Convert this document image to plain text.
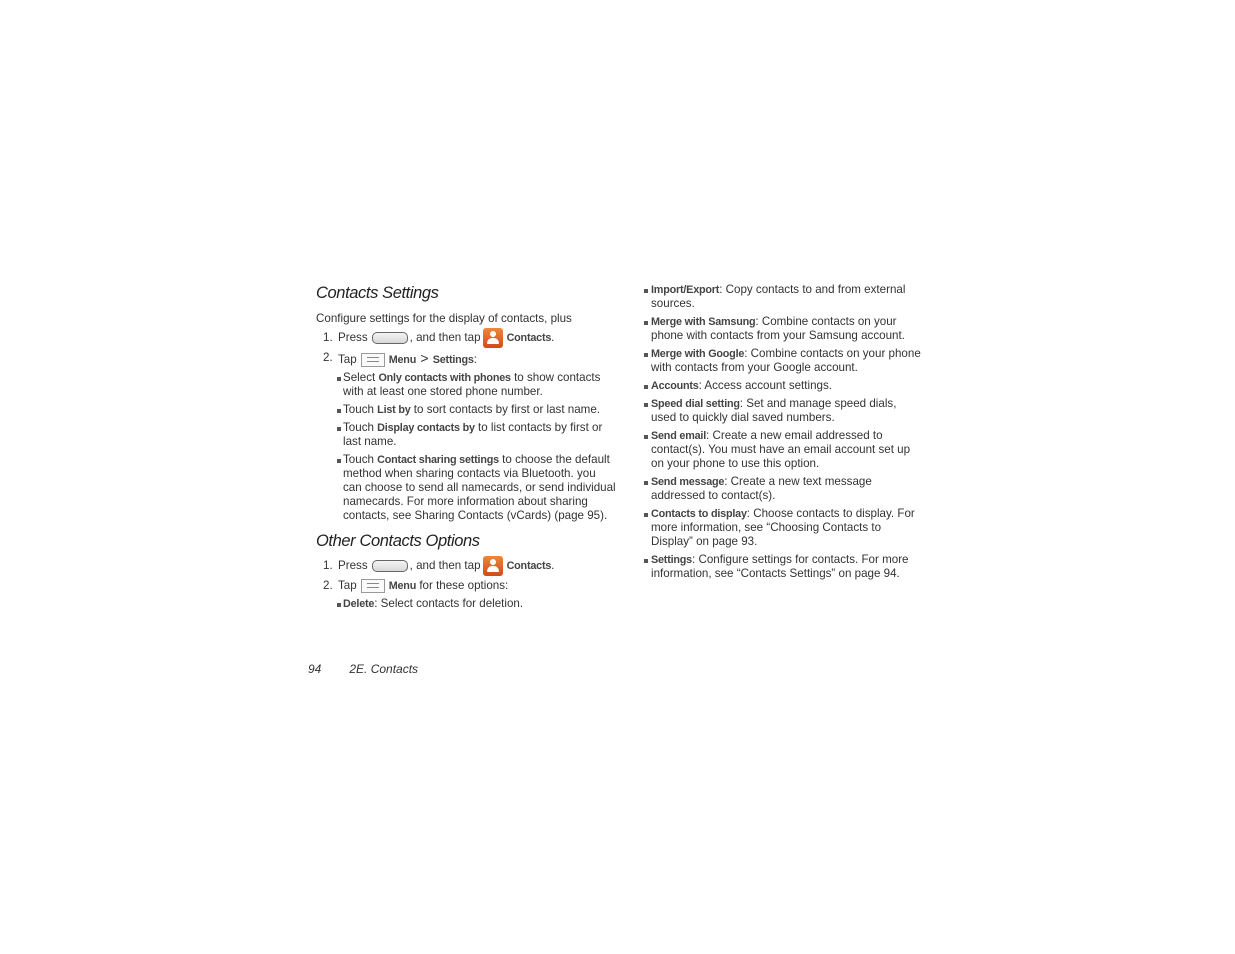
Contacts Settings
Configure settings for the display of contacts, plus
1. Press	, and then tap Contacts.
2. Tap	Menu > Settings:
Select Only contacts with phones to show contacts with at least one stored phone number.
Touch List by to sort contacts by first or last name.
Touch Display contacts by to list contacts by first or last name.
Touch Contact sharing settings to choose the default method when sharing contacts via Bluetooth. you can choose to send all namecards, or send individual namecards. For more information about sharing contacts, see Sharing Contacts (vCards) (page 95).
Other Contacts Options
1. Press	, and then tap Contacts.
2. Tap	Menu for these options:
Delete: Select contacts for deletion.
Import/Export: Copy contacts to and from external sources.
Merge with Samsung: Combine contacts on your phone with contacts from your Samsung account.
Merge with Google: Combine contacts on your phone with contacts from your Google account.
Accounts: Access account settings.
Speed dial setting: Set and manage speed dials, used to quickly dial saved numbers.
Send email: Create a new email addressed to contact(s). You must have an email account set up on your phone to use this option.
Send message: Create a new text message addressed to contact(s).
Contacts to display: Choose contacts to display. For more information, see “Choosing Contacts to Display” on page 93.
Settings: Configure settings for contacts. For more information, see “Contacts Settings” on page 94.
94 2E. Contacts
